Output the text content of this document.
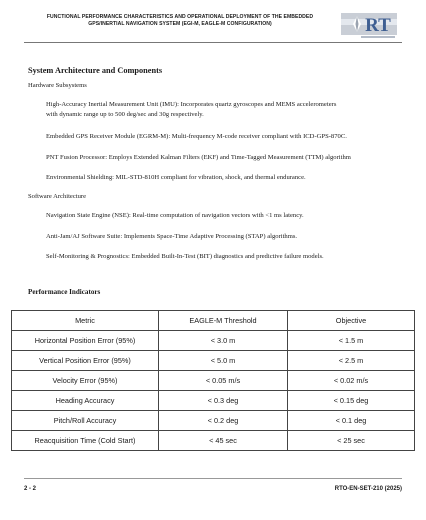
FUNCTIONAL PERFORMANCE CHARACTERISTICS AND OPERATIONAL DEPLOYMENT OF THE EMBEDDED
GPS/INERTIAL NAVIGATION SYSTEM (EGI-M, EAGLE-M CONFIGURATION)	RT
System Architecture and Components
Hardware Subsystems
High-Accuracy Inertial Measurement Unit (IMU): Incorporates quartz gyroscopes and MEMS accelerometers
with dynamic range up to 500 deg/sec and 30g respectively.
Embedded GPS Receiver Module (EGRM-M): Multi-frequency M-code receiver compliant with ICD-GPS-870C.
PNT Fusion Processor: Employs Extended Kalman Filters (EKF) and Time-Tagged Measurement (TTM) algorithm
Environmental Shielding: MIL-STD-810H compliant for vibration, shock, and thermal endurance.
Software Architecture
Navigation State Engine (NSE): Real-time computation of navigation vectors with <1 ms latency.
Anti-Jam/AJ Software Suite: Implements Space-Time Adaptive Processing (STAP) algorithms.
Self-Monitoring & Prognostics: Embedded Built-In-Test (BIT) diagnostics and predictive failure models.
Performance Indicators
Metric	EAGLE-M Threshold	Objective
Horizontal Position Error (95%)	< 3.0 m	< 1.5 m
Vertical Position Error (95%)	< 5.0 m	< 2.5 m
Velocity Error (95%)	< 0.05 m/s	< 0.02 m/s
Heading Accuracy	< 0.3 deg	< 0.15 deg
Pitch/Roll Accuracy	< 0.2 deg	< 0.1 deg
Reacquisition Time (Cold Start)	< 45 sec	< 25 sec
2 - 2	RTO-EN-SET-210 (2025)
